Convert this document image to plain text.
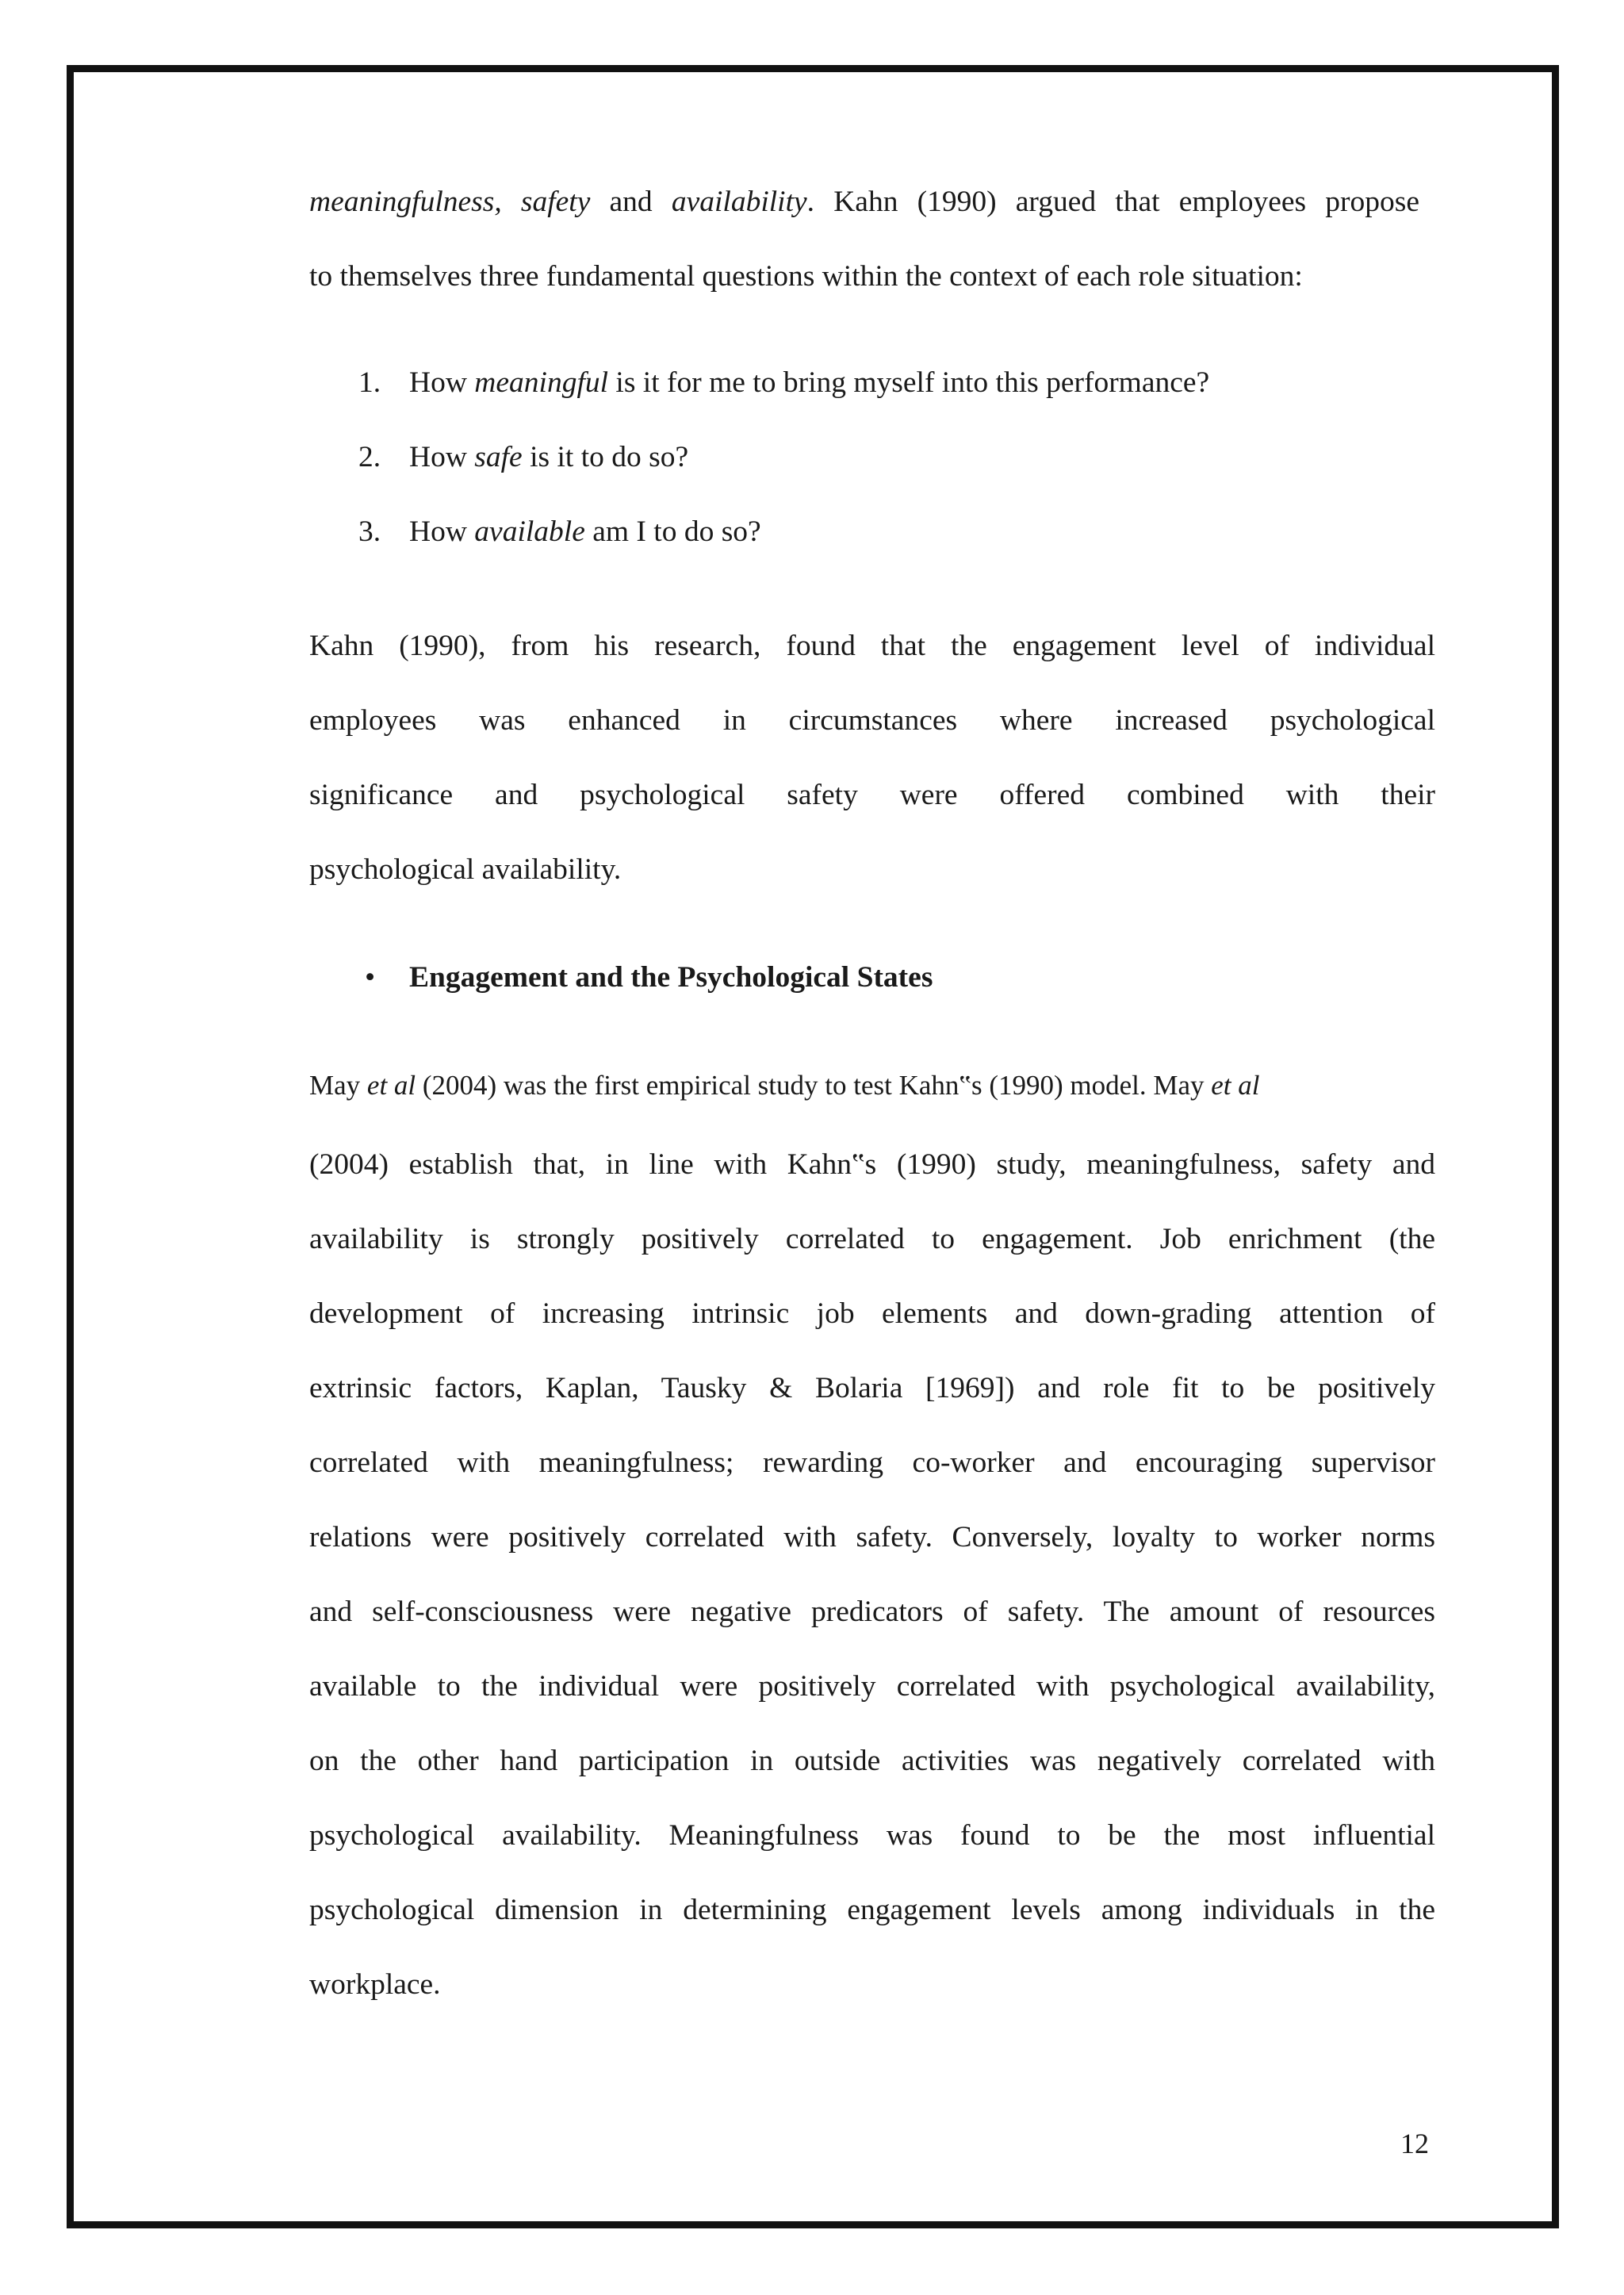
meaningfulness, safety and availability. Kahn (1990) argued that employees propose
to themselves three fundamental questions within the context of each role situation:
1. How meaningful is it for me to bring myself into this performance?
2. How safe is it to do so?
3. How available am I to do so?
Kahn (1990), from his research, found that the engagement level of individual
employees was enhanced in circumstances where increased psychological
significance and psychological safety were offered combined with their
psychological availability.
• Engagement and the Psychological States
May et al (2004) was the first empirical study to test Kahn‟s (1990) model. May et al
(2004) establish that, in line with Kahn‟s (1990) study, meaningfulness, safety and
availability is strongly positively correlated to engagement. Job enrichment (the
development of increasing intrinsic job elements and down-grading attention of
extrinsic factors, Kaplan, Tausky & Bolaria [1969]) and role fit to be positively
correlated with meaningfulness; rewarding co-worker and encouraging supervisor
relations were positively correlated with safety. Conversely, loyalty to worker norms
and self-consciousness were negative predicators of safety. The amount of resources
available to the individual were positively correlated with psychological availability,
on the other hand participation in outside activities was negatively correlated with
psychological availability. Meaningfulness was found to be the most influential
psychological dimension in determining engagement levels among individuals in the
workplace.
12
